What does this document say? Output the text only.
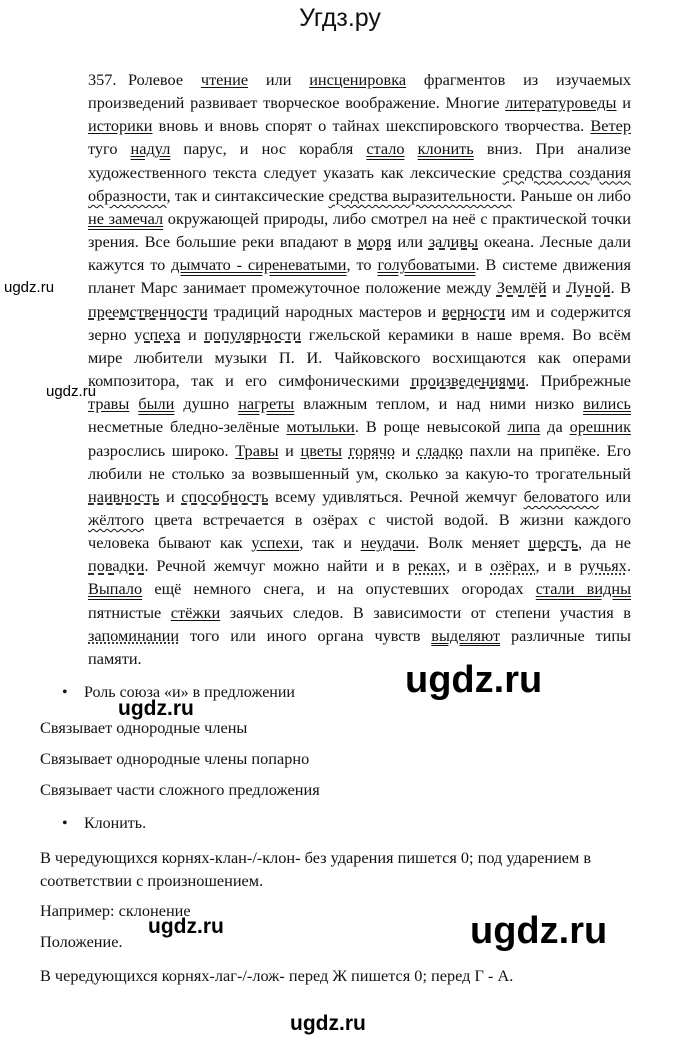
Угдз.ру
357. Ролевое чтение или инсценировка фрагментов из изучаемых произведений развивает творческое воображение. Многие литературоведы и историки вновь и вновь спорят о тайнах шекспировского творчества. Ветер туго надул парус, и нос корабля стало клонить вниз. При анализе художественного текста следует указать как лексические средства создания образности, так и синтаксические средства выразительности. Раньше он либо не замечал окружающей природы, либо смотрел на неё с практической точки зрения. Все большие реки впадают в моря или заливы океана. Лесные дали кажутся то дымчато - сиреневатыми, то голубоватыми. В системе движения планет Марс занимает промежуточное положение между Землёй и Луной. В преемственности традиций народных мастеров и верности им и содержится зерно успеха и популярности гжельской керамики в наше время. Во всём мире любители музыки П. И. Чайковского восхищаются как операми композитора, так и его симфоническими произведениями. Прибрежные травы были душно нагреты влажным теплом, и над ними низко вились несметные бледно-зелёные мотыльки. В роще невысокой липа да орешник разрослись широко. Травы и цветы горячо и сладко пахли на припёке. Его любили не столько за возвышенный ум, сколько за какую-то трогательный наивность и способность всему удивляться. Речной жемчуг беловатого или жёлтого цвета встречается в озёрах с чистой водой. В жизни каждого человека бывают как успехи, так и неудачи. Волк меняет шерсть, да не повадки. Речной жемчуг можно найти и в реках, и в озёрах, и в ручьях. Выпало ещё немного снега, и на опустевших огородах стали видны пятнистые стёжки заячьих следов. В зависимости от степени участия в запоминании того или иного органа чувств выделяют различные типы памяти.
ugdz.ru
ugdz.ru
ugdz.ru
ugdz.ru
ugdz.ru	ugdz.ru
ugdz.ru
• Роль союза «и» в предложении
Связывает однородные члены
Связывает однородные члены попарно
Связывает части сложного предложения
• Клонить.
В чередующихся корнях-клан-/-клон- без ударения пишется 0; под ударением в соответствии с произношением.
Например: склонение
Положение.
В чередующихся корнях-лаг-/-лож- перед Ж пишется 0; перед Г - А.
